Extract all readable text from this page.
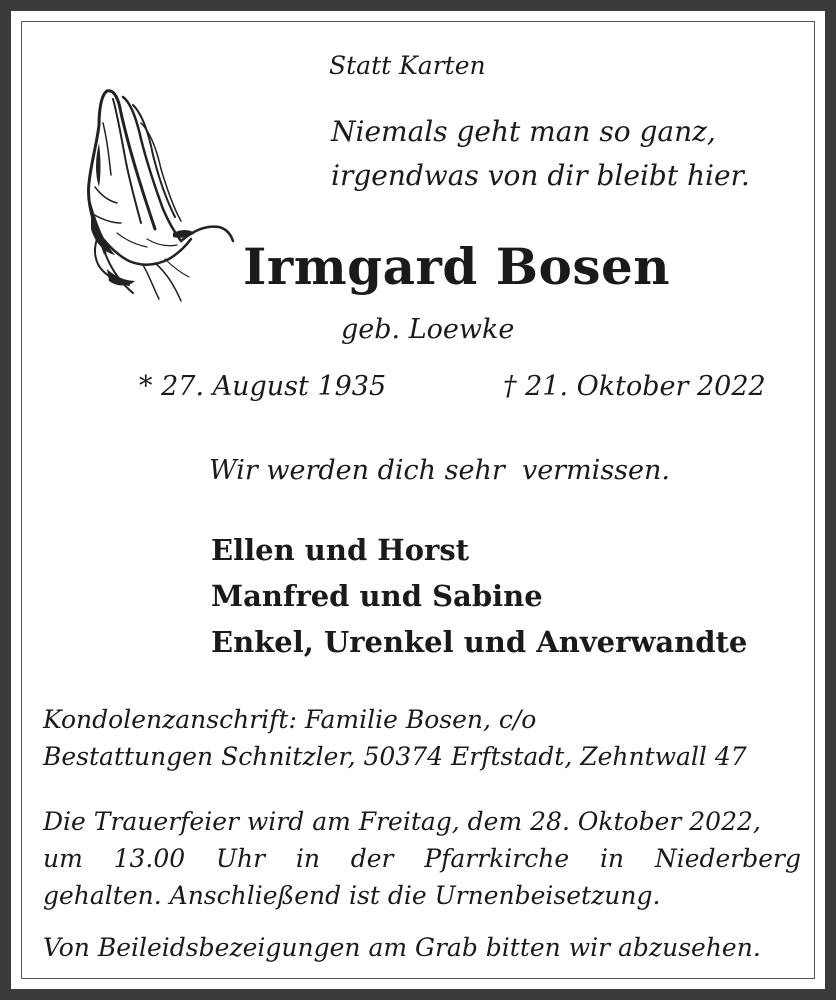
Statt Karten

Niemals geht man so ganz,

irgendwas von dir bleibt hier.

Irmgard Bosen

geb. Loewke

* 27. August 1935	† 21. Oktober 2022

Wir werden dich sehr  vermissen.

Ellen und Horst

Manfred und Sabine

Enkel, Urenkel und Anverwandte

Kondolenzanschrift: Familie Bosen, c/o

Bestattungen Schnitzler, 50374 Erftstadt, Zehntwall 47

Die Trauerfeier wird am Freitag, dem 28. Oktober 2022,

um 13.00 Uhr in der Pfarrkirche in Niederberg

gehalten. Anschließend ist die Urnenbeisetzung.

Von Beileidsbezeigungen am Grab bitten wir abzusehen.
